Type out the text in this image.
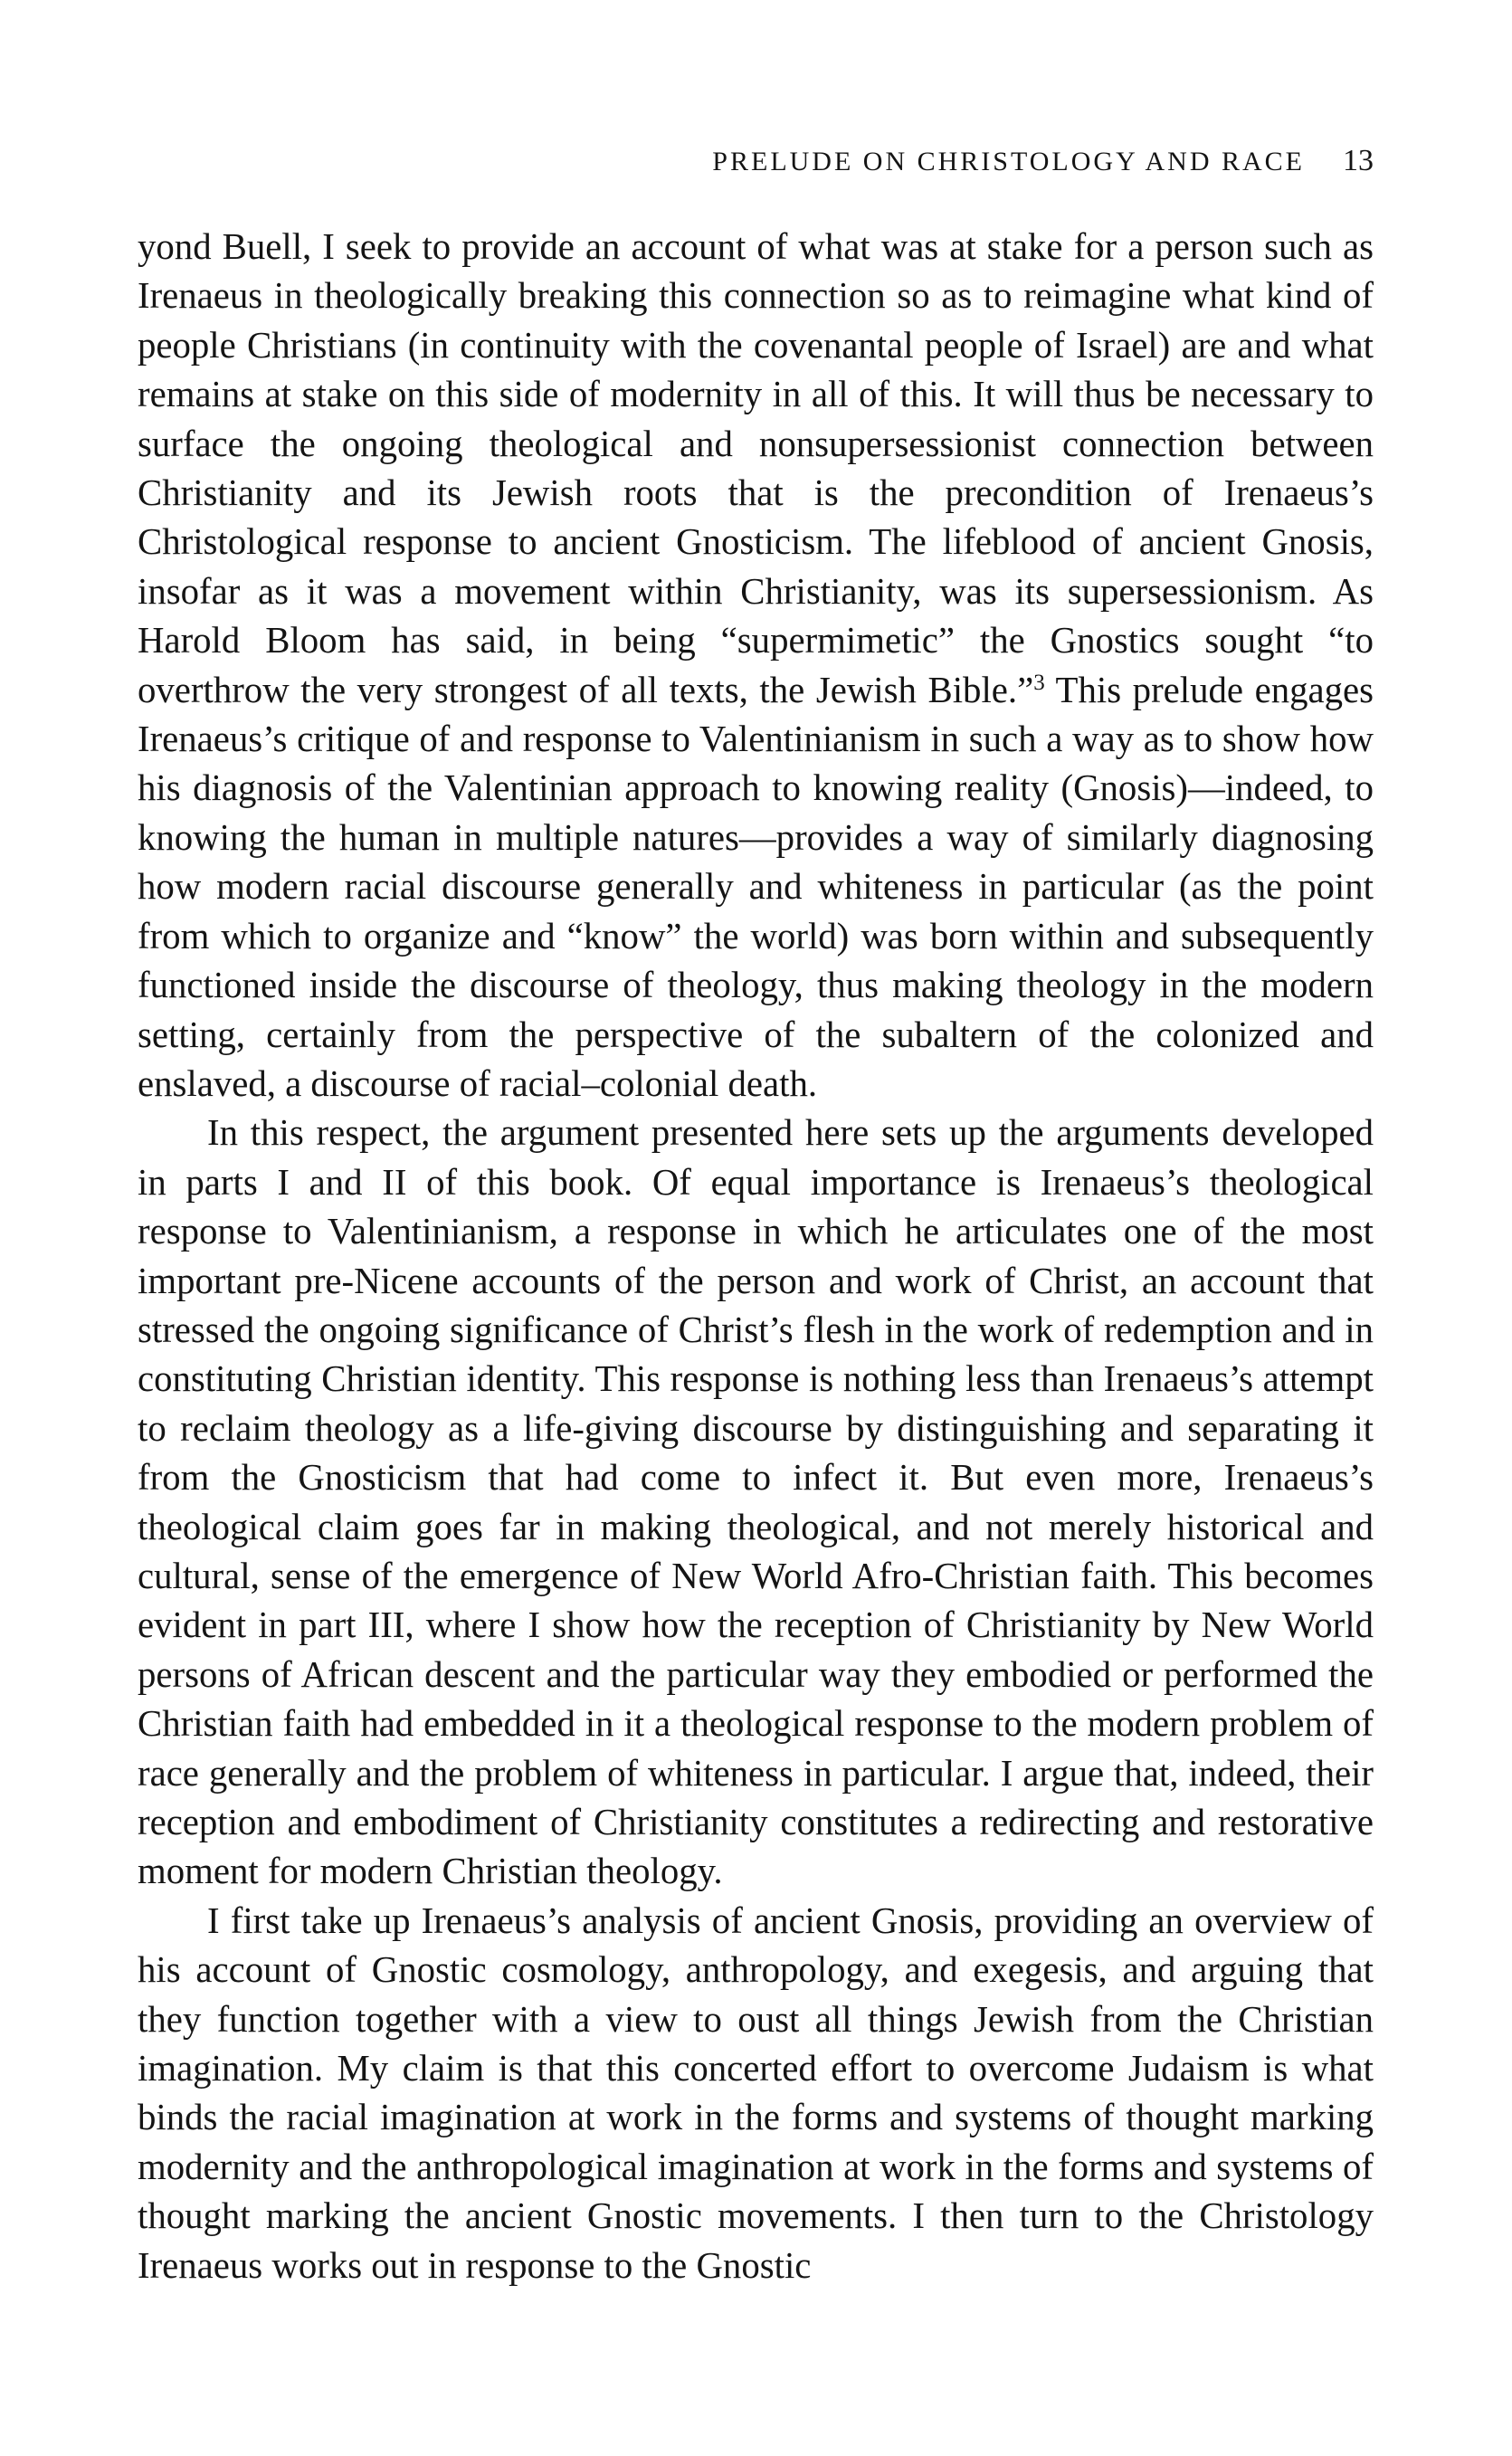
PRELUDE ON CHRISTOLOGY AND RACE 13

yond Buell, I seek to provide an account of what was at stake for a person such as Irenaeus in theologically breaking this connection so as to reimagine what kind of people Christians (in continuity with the covenantal people of Israel) are and what remains at stake on this side of modernity in all of this. It will thus be necessary to surface the ongoing theological and nonsupersessionist connection between Christianity and its Jewish roots that is the precondition of Irenaeus’s Christological response to ancient Gnosticism. The lifeblood of ancient Gnosis, insofar as it was a movement within Christianity, was its supersessionism. As Harold Bloom has said, in being “supermimetic” the Gnostics sought “to overthrow the very strongest of all texts, the Jewish Bible.”$^3$ This prelude engages Irenaeus’s critique of and response to Valentinianism in such a way as to show how his diagnosis of the Valentinian approach to knowing reality (Gnosis)—indeed, to knowing the human in multiple natures—provides a way of similarly diagnosing how modern racial discourse generally and whiteness in particular (as the point from which to organize and “know” the world) was born within and subsequently functioned inside the discourse of theology, thus making theology in the modern setting, certainly from the perspective of the subaltern of the colonized and enslaved, a discourse of racial–colonial death.

In this respect, the argument presented here sets up the arguments developed in parts I and II of this book. Of equal importance is Irenaeus’s theological response to Valentinianism, a response in which he articulates one of the most important pre-Nicene accounts of the person and work of Christ, an account that stressed the ongoing significance of Christ’s flesh in the work of redemption and in constituting Christian identity. This response is nothing less than Irenaeus’s attempt to reclaim theology as a life-giving discourse by distinguishing and separating it from the Gnosticism that had come to infect it. But even more, Irenaeus’s theological claim goes far in making theological, and not merely historical and cultural, sense of the emergence of New World Afro-Christian faith. This becomes evident in part III, where I show how the reception of Christianity by New World persons of African descent and the particular way they embodied or performed the Christian faith had embedded in it a theological response to the modern problem of race generally and the problem of whiteness in particular. I argue that, indeed, their reception and embodiment of Christianity constitutes a redirecting and restorative moment for modern Christian theology.

I first take up Irenaeus’s analysis of ancient Gnosis, providing an overview of his account of Gnostic cosmology, anthropology, and exegesis, and arguing that they function together with a view to oust all things Jewish from the Christian imagination. My claim is that this concerted effort to overcome Judaism is what binds the racial imagination at work in the forms and systems of thought marking modernity and the anthropological imagination at work in the forms and systems of thought marking the ancient Gnostic movements. I then turn to the Christology Irenaeus works out in response to the Gnostic
